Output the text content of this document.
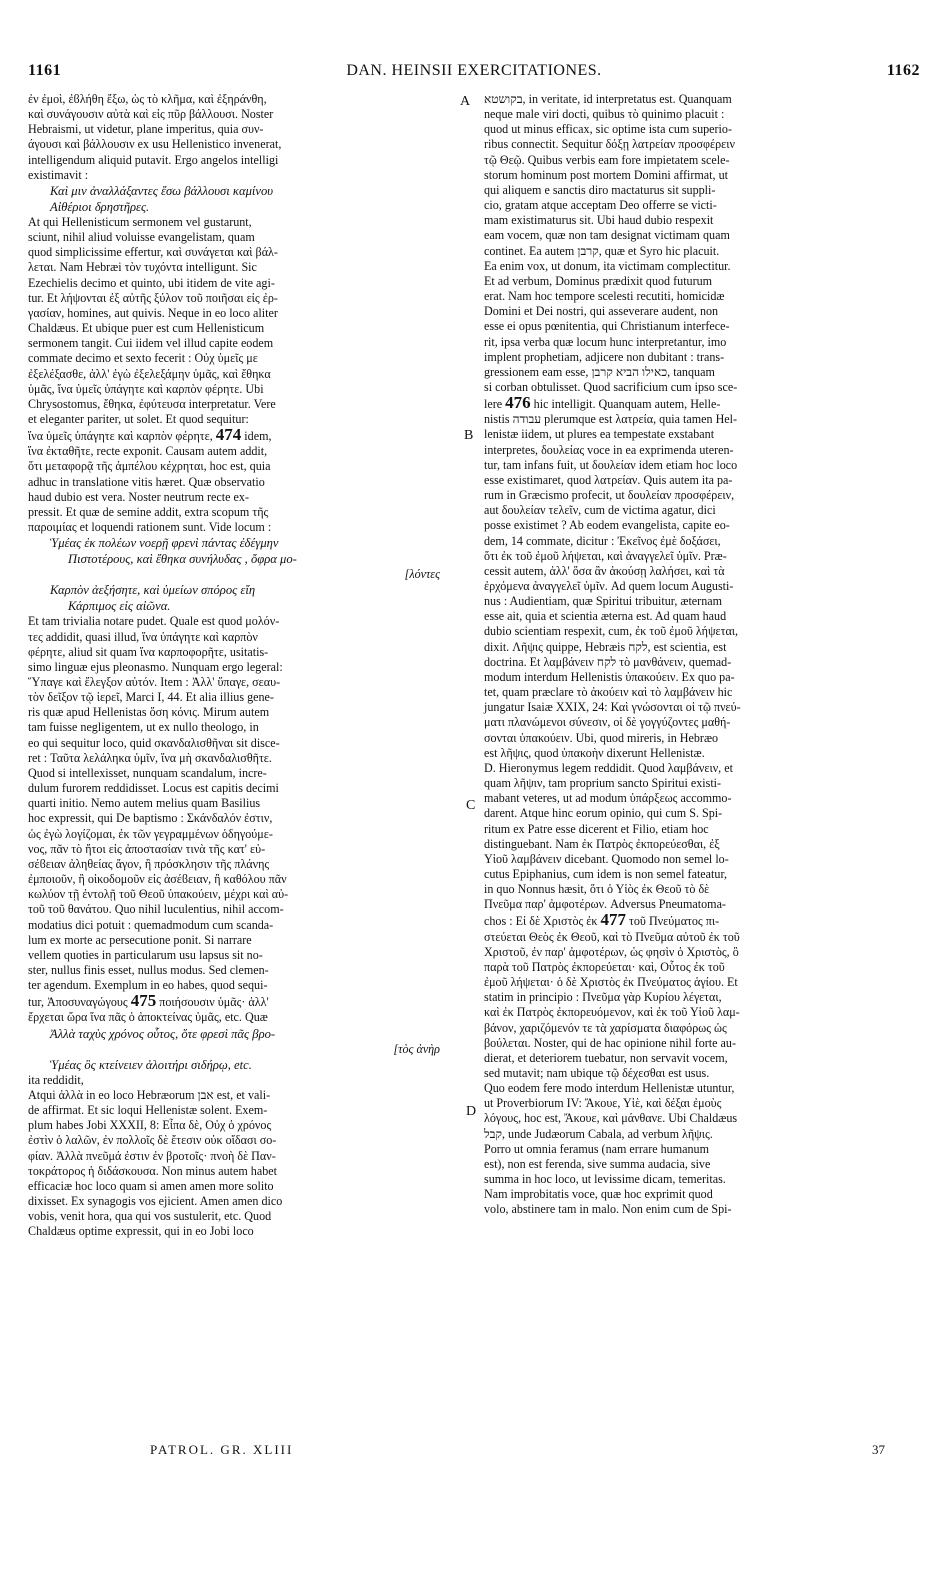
1161	DAN. HEINSII EXERCITATIONES.	1162
A
B
C
D

ἐν ἐμοὶ, ἐϐλήθη ἔξω, ὡς τὸ κλῆμα, καὶ ἐξηράνθη,

καὶ συνάγουσιν αὐτὰ καὶ εἰς πῦρ βάλλουσι. Noster

Hebraismi, ut videtur, plane imperitus, quia συν-

άγουσι καὶ βάλλουσιν ex usu Hellenistico invenerat,

intelligendum aliquid putavit. Ergo angelos intelligi

existimavit :

Καὶ μιν ἀναλλάξαντες ἔσω βάλλουσι καμίνου

Αἰθέριοι δρηστῆρες.

At qui Hellenisticum sermonem vel gustarunt,

sciunt, nihil aliud voluisse evangelistam, quam

quod simplicissime effertur, καὶ συνάγεται καὶ βάλ-

λεται. Nam Hebræi τὸν τυχόντα intelligunt. Sic

Ezechielis decimo et quinto, ubi itidem de vite agi-

tur. Et λήψονται ἐξ αὐτῆς ξύλον τοῦ ποιῆσαι εἰς ἐρ-

γασίαν, homines, aut quivis. Neque in eo loco aliter

Chaldæus. Et ubique puer est cum Hellenisticum

sermonem tangit. Cui iidem vel illud capite eodem

commate decimo et sexto fecerit : Οὐχ ὑμεῖς με

ἐξελέξασθε, ἀλλ' ἐγὼ ἐξελεξάμην ὑμᾶς, καὶ ἔθηκα

ὑμᾶς, ἵνα ὑμεῖς ὑπάγητε καὶ καρπὸν φέρητε. Ubi

Chrysostomus, ἔθηκα, ἐφύτευσα interpretatur. Vere

et eleganter pariter, ut solet. Et quod sequitur:

ἵνα ὑμεῖς ὑπάγητε καὶ καρπὸν φέρητε, 474 idem,

ἵνα ἐκταθῆτε, recte exponit. Causam autem addit,

ὅτι μεταφορᾷ τῆς ἀμπέλου κέχρηται, hoc est, quia

adhuc in translatione vitis hæret. Quæ observatio

haud dubio est vera. Noster neutrum recte ex-

pressit. Et quæ de semine addit, extra scopum τῆς

παροιμίας et loquendi rationem sunt. Vide locum :

Ὑμέας ἐκ πολέων νοερῇ φρενὶ πάντας ἐδέγμην

Πιστοτέρους, καὶ ἔθηκα συνήλυδας , ὄφρα μο-

[λόντες

Καρπὸν ἀεξήσητε, καὶ ὑμείων σπόρος εἴη

Κάρπιμος εἰς αἰῶνα.

Et tam trivialia notare pudet. Quale est quod μολόν-

τες addidit, quasi illud, ἵνα ὑπάγητε καὶ καρπὸν

φέρητε, aliud sit quam ἵνα καρποφορῆτε, usitatis-

simo linguæ ejus pleonasmo. Nunquam ergo legeral:

Ὕπαγε καὶ ἔλεγξον αὐτόν. Item : Ἀλλ' ὕπαγε, σεαυ-

τὸν δεῖξον τῷ ἱερεῖ, Marci I, 44. Et alia illius gene-

ris quæ apud Hellenistas ὅση κόνις. Mirum autem

tam fuisse negligentem, ut ex nullo theologo, in

eo qui sequitur loco, quid σκανδαλισθῆναι sit disce-

ret : Ταῦτα λελάληκα ὑμῖν, ἵνα μὴ σκανδαλισθῆτε.

Quod si intellexisset, nunquam scandalum, incre-

dulum furorem reddidisset. Locus est capitis decimi

quarti initio. Nemo autem melius quam Basilius

hoc expressit, qui De baptismo : Σκάνδαλόν ἐστιν,

ὡς ἐγὼ λογίζομαι, ἐκ τῶν γεγραμμένων ὁδηγούμε-

νος, πᾶν τὸ ἤτοι εἰς ἀποστασίαν τινὰ τῆς κατ' εὐ-

σέϐειαν ἀληθείας ἄγον, ἢ πρόσκλησιν τῆς πλάνης

ἐμποιοῦν, ἢ οἰκοδομοῦν εἰς ἀσέϐειαν, ἢ καθόλου πᾶν

κωλύον τῇ ἐντολῇ τοῦ Θεοῦ ὑπακούειν, μέχρι καὶ αὐ-

τοῦ τοῦ θανάτου. Quo nihil luculentius, nihil accom-

modatius dici potuit : quemadmodum cum scanda-

lum ex morte ac persecutione ponit. Si narrare

vellem quoties in particularum usu lapsus sit no-

ster, nullus finis esset, nullus modus. Sed clemen-

ter agendum. Exemplum in eo habes, quod sequi-

tur, Ἀποσυναγώγους 475 ποιήσουσιν ὑμᾶς· ἀλλ'

ἔρχεται ὥρα ἵνα πᾶς ὁ ἀποκτείνας ὑμᾶς, etc. Quæ

Ἀλλὰ ταχὺς χρόνος οὗτος, ὅτε φρεσὶ πᾶς βρο-

[τὸς ἀνὴρ

Ὑμέας ὃς κτείνειεν ἀλοιτήρι σιδήρῳ, etc.

ita reddidit,

Atqui ἀλλὰ in eo loco Hebræorum אבן est, et vali-

de affirmat. Et sic loqui Hellenistæ solent. Exem-

plum habes Jobi XXXII, 8: Εἶπα δὲ, Οὐχ ὁ χρόνος

ἐστὶν ὁ λαλῶν, ἐν πολλοῖς δὲ ἔτεσιν οὐκ οἴδασι σο-

φίαν. Ἀλλὰ πνεῦμά ἐστιν ἐν βροτοῖς· πνοὴ δὲ Παν-

τοκράτορος ἡ διδάσκουσα. Non minus autem habet

efficaciæ hoc loco quam si amen amen more solito

dixisset. Ex synagogis vos ejicient. Amen amen dico

vobis, venit hora, qua qui vos sustulerit, etc. Quod

Chaldæus optime expressit, qui in eo Jobi loco

בקושטא, in veritate, id interpretatus est. Quanquam

neque male viri docti, quibus τὸ quinimo placuit :

quod ut minus efficax, sic optime ista cum superio-

ribus connectit. Sequitur δόξῃ λατρείαν προσφέρειν

τῷ Θεῷ. Quibus verbis eam fore impietatem scele-

storum hominum post mortem Domini affirmat, ut

qui aliquem e sanctis diro mactaturus sit suppli-

cio, gratam atque acceptam Deo offerre se victi-

mam existimaturus sit. Ubi haud dubio respexit

eam vocem, quæ non tam designat victimam quam

continet. Ea autem קרבן, quæ et Syro hic placuit.

Ea enim vox, ut donum, ita victimam complectitur.

Et ad verbum, Dominus prædixit quod futurum

erat. Nam hoc tempore scelesti recutiti, homicidæ

Domini et Dei nostri, qui asseverare audent, non

esse ei opus pœnitentia, qui Christianum interfece-

rit, ipsa verba quæ locum hunc interpretantur, imo

implent prophetiam, adjicere non dubitant : trans-

gressionem eam esse, כאילו הביא קרבן, tanquam

si corban obtulisset. Quod sacrificium cum ipso sce-

lere 476 hic intelligit. Quanquam autem, Helle-

nistis עבודה plerumque est λατρεία, quia tamen Hel-

lenistæ iidem, ut plures ea tempestate exstabant

interpretes, δουλείας voce in ea exprimenda uteren-

tur, tam infans fuit, ut δουλείαν idem etiam hoc loco

esse existimaret, quod λατρείαν. Quis autem ita pa-

rum in Græcismo profecit, ut δουλείαν προσφέρειν,

aut δουλείαν τελεῖν, cum de victima agatur, dici

posse existimet ? Ab eodem evangelista, capite eo-

dem, 14 commate, dicitur : Ἐκεῖνος ἐμὲ δοξάσει,

ὅτι ἐκ τοῦ ἐμοῦ λήψεται, καὶ ἀναγγελεῖ ὑμῖν. Præ-

cessit autem, ἀλλ' ὅσα ἂν ἀκούσῃ λαλήσει, καὶ τὰ

ἐρχόμενα ἀναγγελεῖ ὑμῖν. Ad quem locum Augusti-

nus : Audientiam, quæ Spiritui tribuitur, æternam

esse ait, quia et scientia æterna est. Ad quam haud

dubio scientiam respexit, cum, ἐκ τοῦ ἐμοῦ λήψεται,

dixit. Λῆψις quippe, Hebræis לקח, est scientia, est

doctrina. Et λαμβάνειν לקח τὸ μανθάνειν, quemad-

modum interdum Hellenistis ὑπακούειν. Ex quo pa-

tet, quam præclare τὸ ἀκούειν καὶ τὸ λαμβάνειν hic

jungatur Isaiæ XXIX, 24: Καὶ γνώσονται οἱ τῷ πνεύ-

ματι πλανώμενοι σύνεσιν, οἱ δὲ γογγύζοντες μαθή-

σονται ὑπακούειν. Ubi, quod mireris, in Hebræo

est λῆψις, quod ὑπακοὴν dixerunt Hellenistæ.

D. Hieronymus legem reddidit. Quod λαμβάνειν, et

quam λῆψιν, tam proprium sancto Spiritui existi-

mabant veteres, ut ad modum ὑπάρξεως accommo-

darent. Atque hinc eorum opinio, qui cum S. Spi-

ritum ex Patre esse dicerent et Filio, etiam hoc

distinguebant. Nam ἐκ Πατρὸς ἐκπορεύεσθαι, ἐξ

Υἱοῦ λαμβάνειν dicebant. Quomodo non semel lo-

cutus Epiphanius, cum idem is non semel fateatur,

in quo Nonnus hæsit, ὅτι ὁ Υἱὸς ἐκ Θεοῦ τὸ δὲ

Πνεῦμα παρ' ἀμφοτέρων. Adversus Pneumatoma-

chos : Εἰ δὲ Χριστὸς ἐκ 477 τοῦ Πνεύματος πι-

στεύεται Θεὸς ἐκ Θεοῦ, καὶ τὸ Πνεῦμα αὐτοῦ ἐκ τοῦ

Χριστοῦ, ἐν παρ' ἀμφοτέρων, ὡς φησὶν ὁ Χριστὸς, ὃ

παρὰ τοῦ Πατρὸς ἐκπορεύεται· καὶ, Οὗτος ἐκ τοῦ

ἐμοῦ λήψεται· ὁ δὲ Χριστὸς ἐκ Πνεύματος ἁγίου. Et

statim in principio : Πνεῦμα γὰρ Κυρίου λέγεται,

καὶ ἐκ Πατρὸς ἐκπορευόμενον, καὶ ἐκ τοῦ Υἱοῦ λαμ-

βάνον, χαριζόμενόν τε τὰ χαρίσματα διαφόρως ὡς

βούλεται. Noster, qui de hac opinione nihil forte au-

dierat, et deteriorem tuebatur, non servavit vocem,

sed mutavit; nam ubique τῷ δέχεσθαι est usus.

Quo eodem fere modo interdum Hellenistæ utuntur,

ut Proverbiorum IV: Ἄκουε, Υἱὲ, καὶ δέξαι ἐμοὺς

λόγους, hoc est, Ἄκουε, καὶ μάνθανε. Ubi Chaldæus

קבל, unde Judæorum Cabala, ad verbum λῆψις.

Porro ut omnia feramus (nam errare humanum

est), non est ferenda, sive summa audacia, sive

summa in hoc loco, ut levissime dicam, temeritas.

Nam improbitatis voce, quæ hoc exprimit quod

volo, abstinere tam in malo. Non enim cum de Spi-

PATROL. GR. XLIII	37
